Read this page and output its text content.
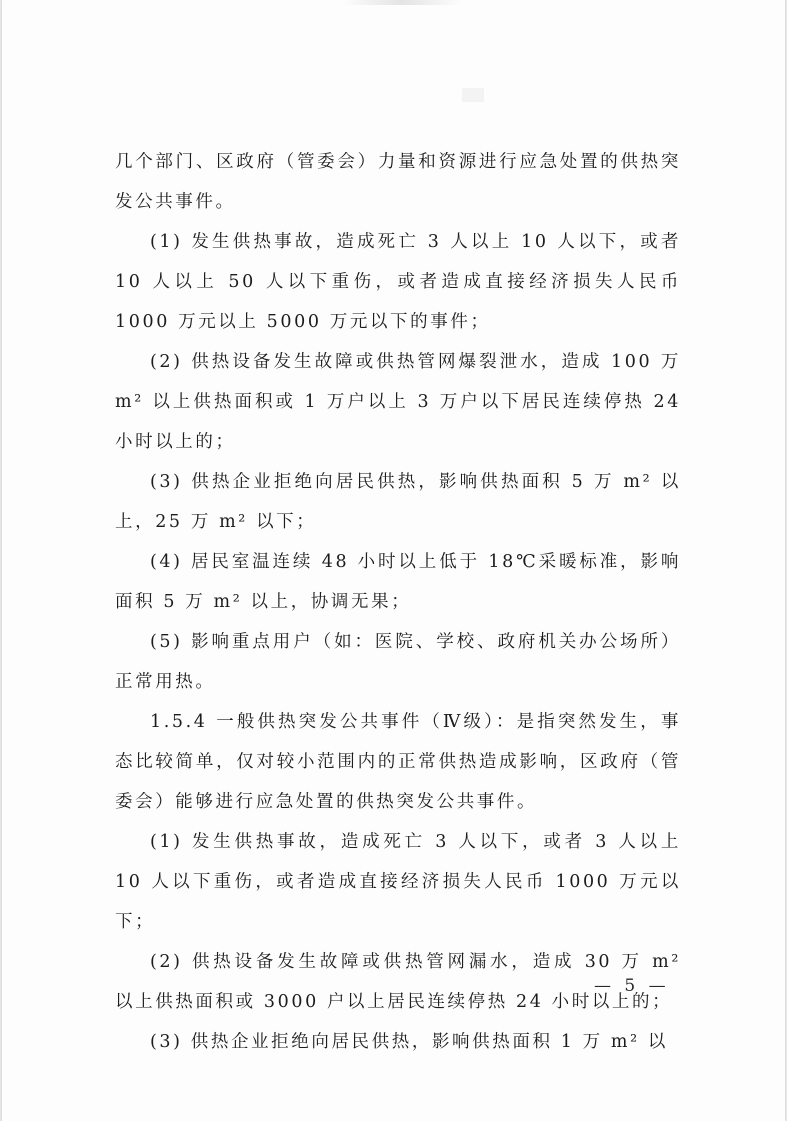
几个部门、区政府（管委会）力量和资源进行应急处置的供热突发公共事件。

(1) 发生供热事故，造成死亡 3 人以上 10 人以下，或者 10 人以上 50 人以下重伤，或者造成直接经济损失人民币 1000 万元以上 5000 万元以下的事件；

(2) 供热设备发生故障或供热管网爆裂泄水，造成 100 万 m² 以上供热面积或 1 万户以上 3 万户以下居民连续停热 24 小时以上的；

(3) 供热企业拒绝向居民供热，影响供热面积 5 万 m² 以上，25 万 m² 以下；

(4) 居民室温连续 48 小时以上低于 18℃采暖标准，影响面积 5 万 m² 以上，协调无果；

(5) 影响重点用户（如：医院、学校、政府机关办公场所）正常用热。

1.5.4 一般供热突发公共事件（Ⅳ级）：是指突然发生，事态比较简单，仅对较小范围内的正常供热造成影响，区政府（管委会）能够进行应急处置的供热突发公共事件。

(1) 发生供热事故，造成死亡 3 人以下，或者 3 人以上 10 人以下重伤，或者造成直接经济损失人民币 1000 万元以下；

(2) 供热设备发生故障或供热管网漏水，造成 30 万 m² 以上供热面积或 3000 户以上居民连续停热 24 小时以上的；

(3) 供热企业拒绝向居民供热，影响供热面积 1 万 m² 以

— 5 —
